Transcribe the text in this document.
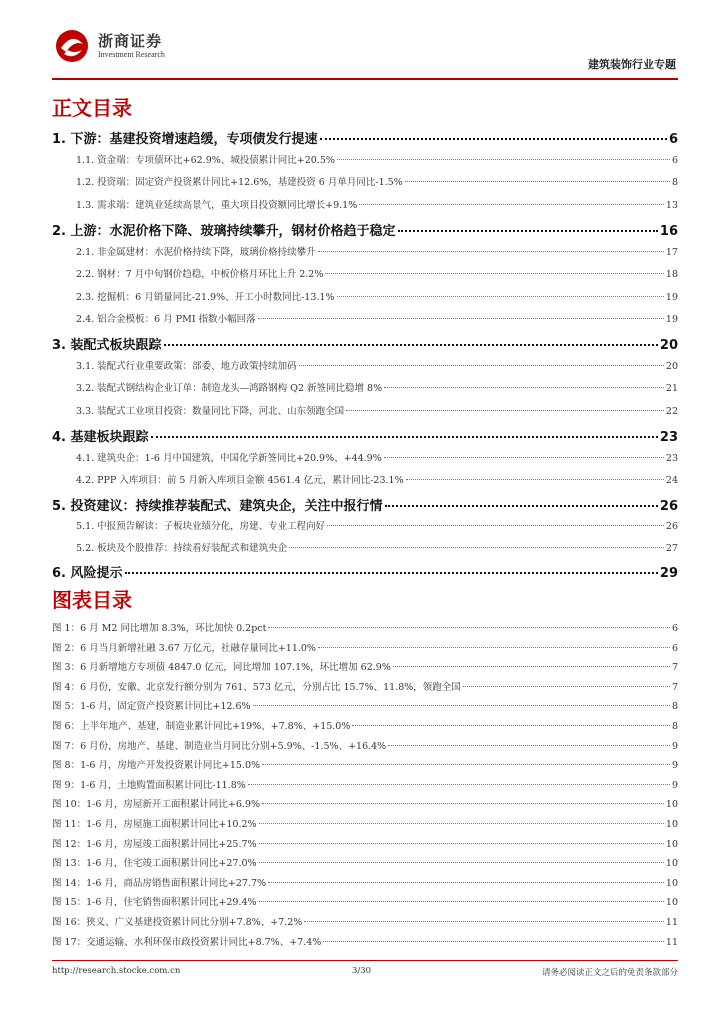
浙商证券
Investment Research
建筑装饰行业专题
正文目录
1. 下游：基建投资增速趋缓，专项债发行提速	6
1.1. 资金端：专项债环比+62.9%、城投债累计同比+20.5%	6
1.2. 投资端：固定资产投资累计同比+12.6%，基建投资 6 月单月同比-1.5%	8
1.3. 需求端：建筑业延续高景气，重大项目投资额同比增长+9.1%	13
2. 上游：水泥价格下降、玻璃持续攀升，钢材价格趋于稳定	16
2.1. 非金属建材：水泥价格持续下降，玻璃价格持续攀升	17
2.2. 钢材：7 月中旬钢价趋稳，中板价格月环比上升 2.2%	18
2.3. 挖掘机：6 月销量同比-21.9%、开工小时数同比-13.1%	19
2.4. 铝合金模板：6 月 PMI 指数小幅回落	19
3. 装配式板块跟踪	20
3.1. 装配式行业重要政策：部委、地方政策持续加码	20
3.2. 装配式钢结构企业订单：制造龙头—鸿路钢构 Q2 新签同比稳增 8%	21
3.3. 装配式工业项目投资：数量同比下降，河北、山东领跑全国	22
4. 基建板块跟踪	23
4.1. 建筑央企：1-6 月中国建筑，中国化学新签同比+20.9%、+44.9%	23
4.2. PPP 入库项目：前 5 月新入库项目金额 4561.4 亿元，累计同比-23.1%	24
5. 投资建议：持续推荐装配式、建筑央企，关注中报行情	26
5.1. 中报预告解读：子板块业绩分化，房建、专业工程向好	26
5.2. 板块及个股推荐：持续看好装配式和建筑央企	27
6. 风险提示	29
图表目录
图 1：6 月 M2 同比增加 8.3%，环比加快 0.2pct	6
图 2：6 月当月新增社融 3.67 万亿元，社融存量同比+11.0%	6
图 3：6 月新增地方专项债 4847.0 亿元，同比增加 107.1%，环比增加 62.9%	7
图 4：6 月份，安徽、北京发行额分别为 761、573 亿元，分别占比 15.7%、11.8%，领跑全国	7
图 5：1-6 月，固定资产投资累计同比+12.6%	8
图 6：上半年地产、基建，制造业累计同比+19%、+7.8%、+15.0%	8
图 7：6 月份，房地产、基建、制造业当月同比分别+5.9%、-1.5%、+16.4%	9
图 8：1-6 月，房地产开发投资累计同比+15.0%	9
图 9：1-6 月，土地购置面积累计同比-11.8%	9
图 10：1-6 月，房屋新开工面积累计同比+6.9%	10
图 11：1-6 月，房屋施工面积累计同比+10.2%	10
图 12：1-6 月，房屋竣工面积累计同比+25.7%	10
图 13：1-6 月，住宅竣工面积累计同比+27.0%	10
图 14：1-6 月，商品房销售面积累计同比+27.7%	10
图 15：1-6 月，住宅销售面积累计同比+29.4%	10
图 16：狭义、广义基建投资累计同比分别+7.8%、+7.2%	11
图 17：交通运输、水利环保市政投资累计同比+8.7%、+7.4%	11
http://research.stocke.com.cn	3/30	请务必阅读正文之后的免责条款部分
